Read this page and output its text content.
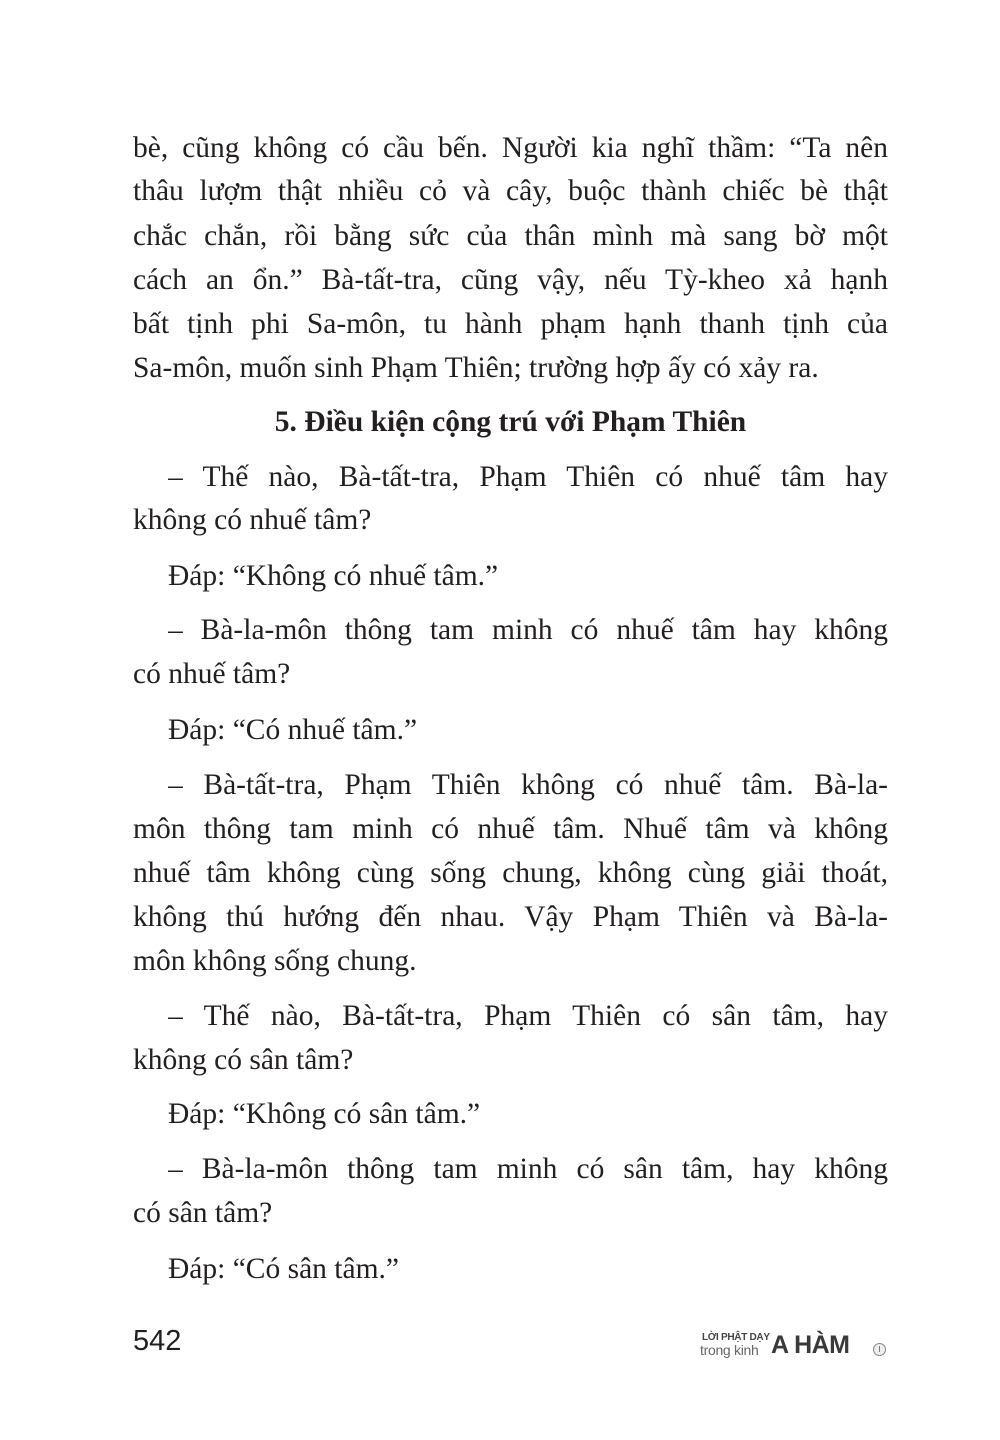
bè, cũng không có cầu bến. Người kia nghĩ thầm: “Ta nên
thâu lượm thật nhiều cỏ và cây, buộc thành chiếc bè thật
chắc chắn, rồi bằng sức của thân mình mà sang bờ một
cách an ổn.” Bà-tất-tra, cũng vậy, nếu Tỳ-kheo xả hạnh
bất tịnh phi Sa-môn, tu hành phạm hạnh thanh tịnh của
Sa-môn, muốn sinh Phạm Thiên; trường hợp ấy có xảy ra.
5. Điều kiện cộng trú với Phạm Thiên
– Thế nào, Bà-tất-tra, Phạm Thiên có nhuế tâm hay
không có nhuế tâm?
Đáp: “Không có nhuế tâm.”
– Bà-la-môn thông tam minh có nhuế tâm hay không
có nhuế tâm?
Đáp: “Có nhuế tâm.”
– Bà-tất-tra, Phạm Thiên không có nhuế tâm. Bà-la-
môn thông tam minh có nhuế tâm. Nhuế tâm và không
nhuế tâm không cùng sống chung, không cùng giải thoát,
không thú hướng đến nhau. Vậy Phạm Thiên và Bà-la-
môn không sống chung.
– Thế nào, Bà-tất-tra, Phạm Thiên có sân tâm, hay
không có sân tâm?
Đáp: “Không có sân tâm.”
– Bà-la-môn thông tam minh có sân tâm, hay không
có sân tâm?
Đáp: “Có sân tâm.”
542	LỜI PHẬT DẠY
trong kinh A HÀM	I
